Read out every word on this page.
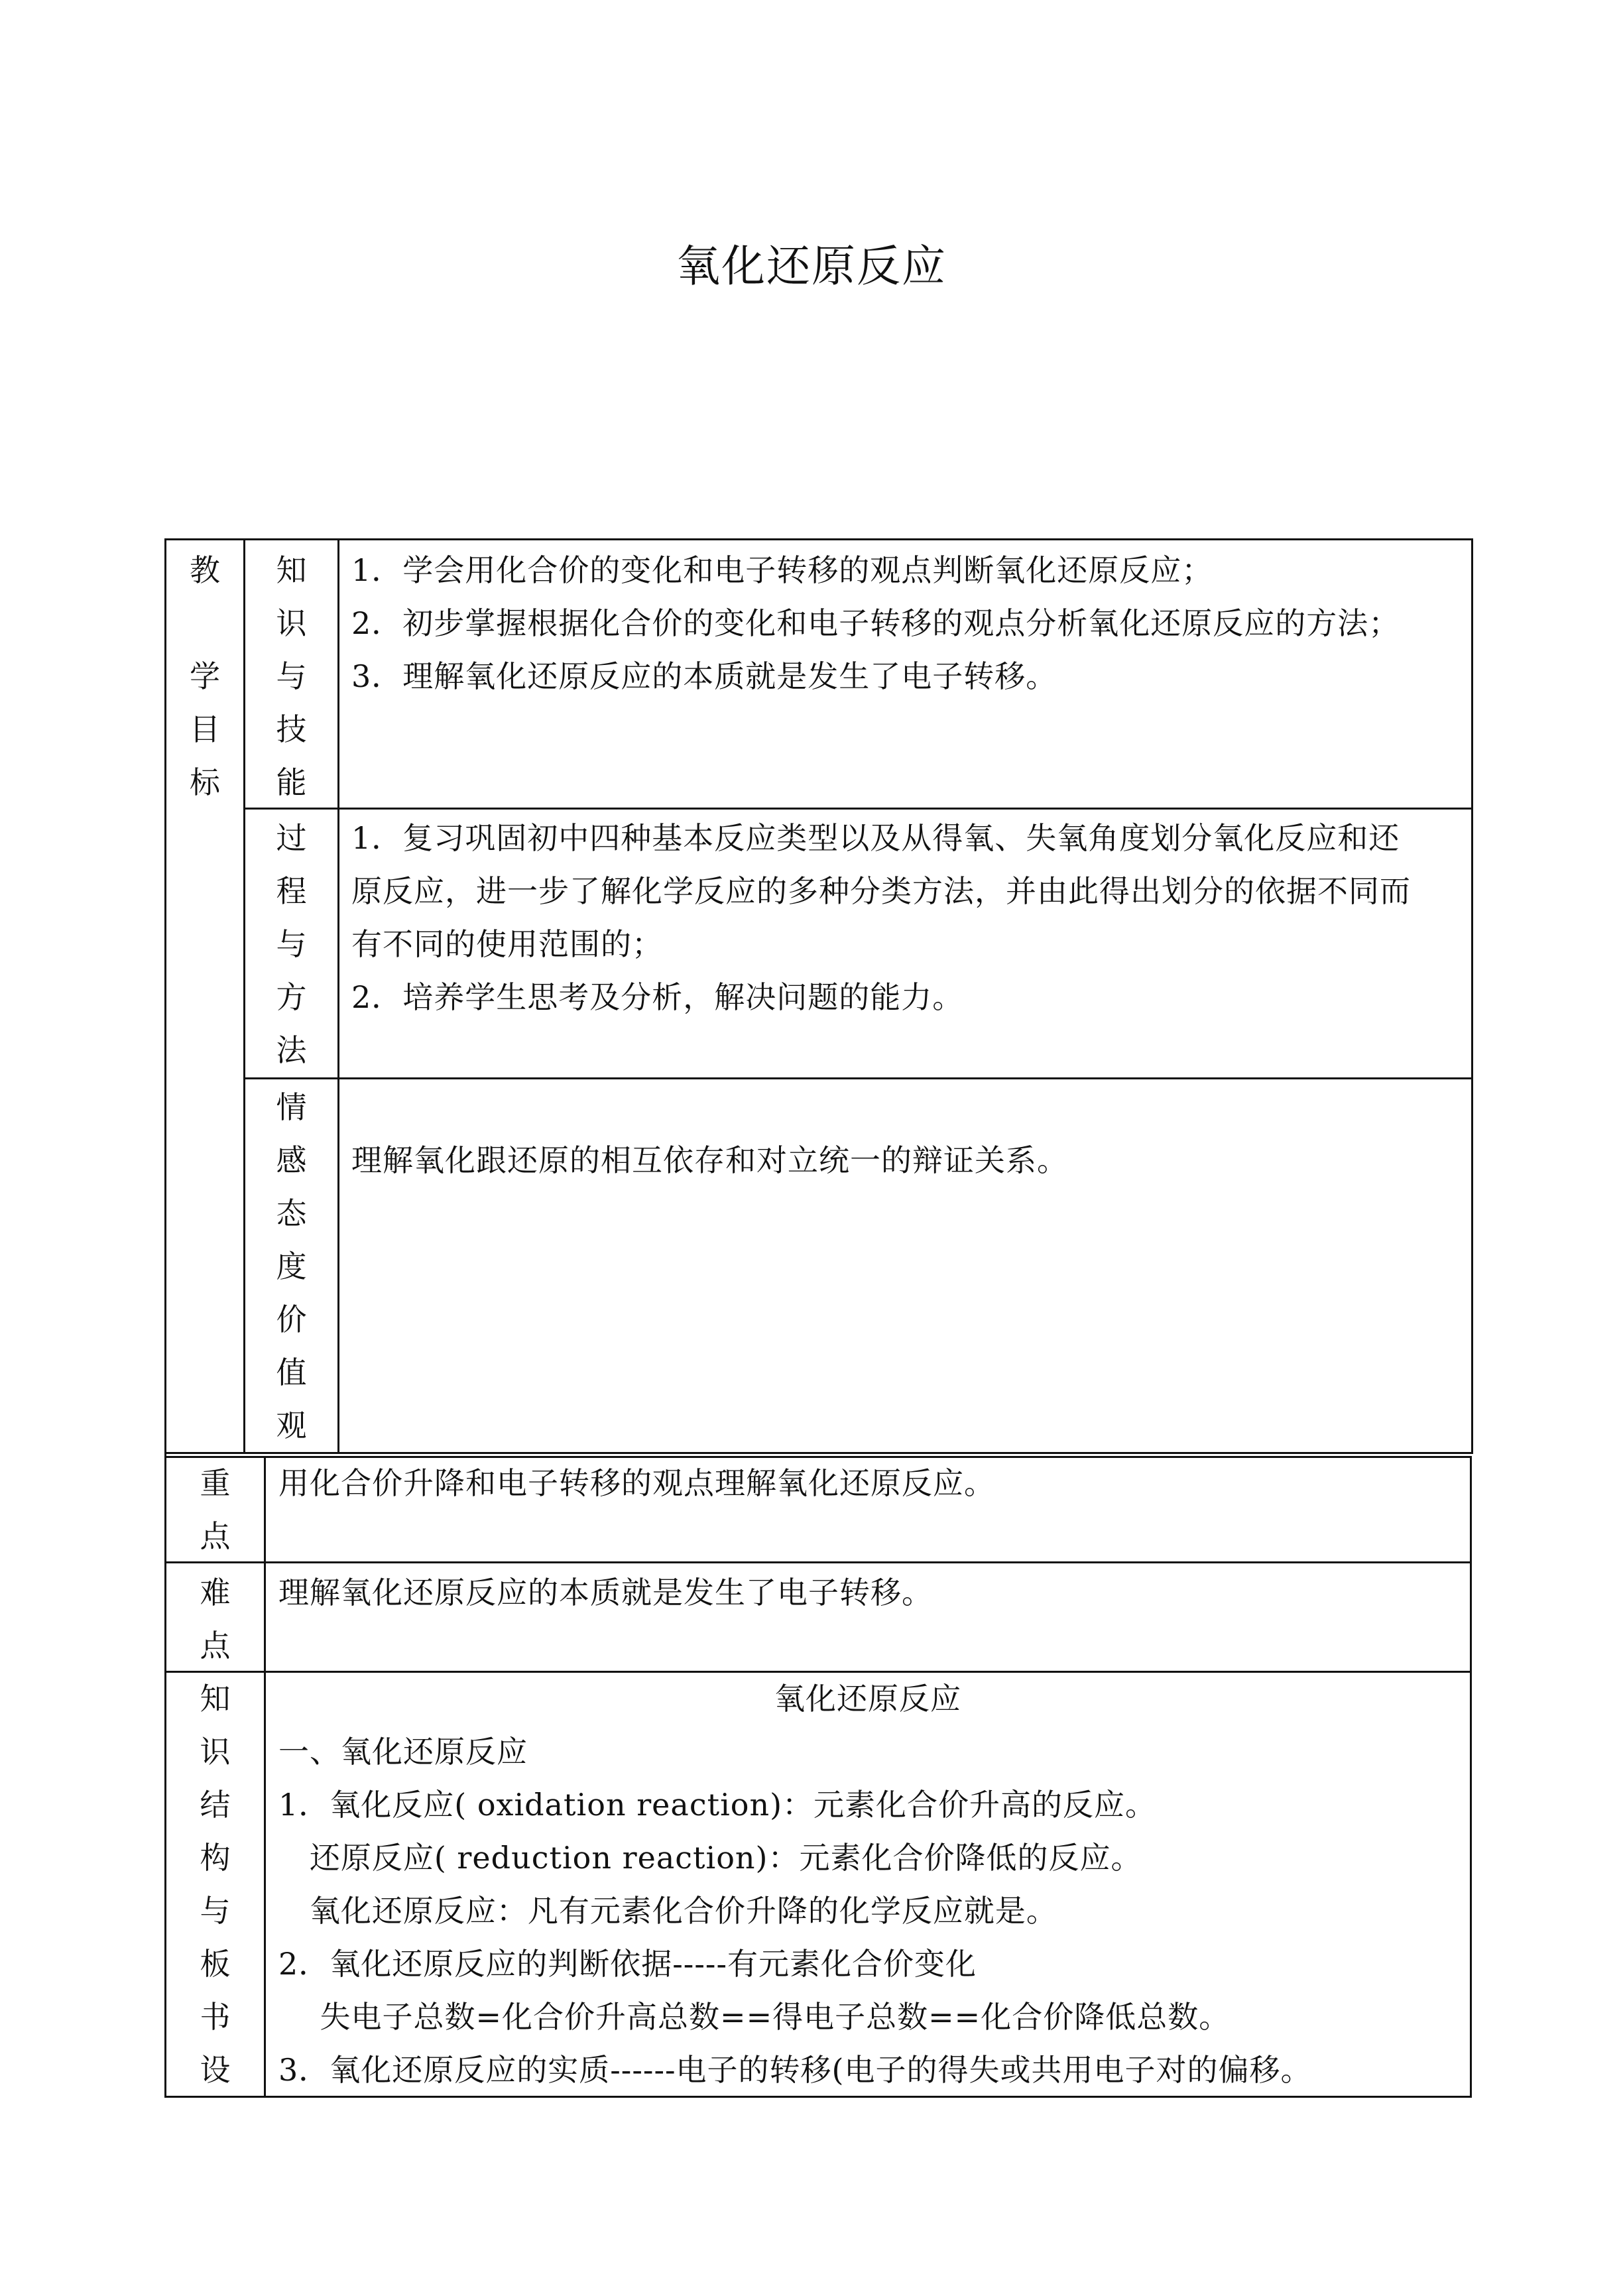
氧化还原反应
教
学
目
标
知
识
与
技
能

1．学会用化合价的变化和电子转移的观点判断氧化还原反应；

2．初步掌握根据化合价的变化和电子转移的观点分析氧化还原反应的方法；

3．理解氧化还原反应的本质就是发生了电子转移。

过
程
与
方
法

1．复习巩固初中四种基本反应类型以及从得氧、失氧角度划分氧化反应和还

原反应，进一步了解化学反应的多种分类方法，并由此得出划分的依据不同而

有不同的使用范围的；

2．培养学生思考及分析，解决问题的能力。

情
感
态
度
价
值
观

理解氧化跟还原的相互依存和对立统一的辩证关系。

重
点

用化合价升降和电子转移的观点理解氧化还原反应。

难
点

理解氧化还原反应的本质就是发生了电子转移。

知
识
结
构
与
板
书
设
氧化还原反应

一、氧化还原反应

1．氧化反应( oxidation reaction)：元素化合价升高的反应。

还原反应( reduction reaction)：元素化合价降低的反应。

氧化还原反应：凡有元素化合价升降的化学反应就是。

2．氧化还原反应的判断依据-----有元素化合价变化

失电子总数=化合价升高总数==得电子总数==化合价降低总数。

3．氧化还原反应的实质------电子的转移(电子的得失或共用电子对的偏移。
